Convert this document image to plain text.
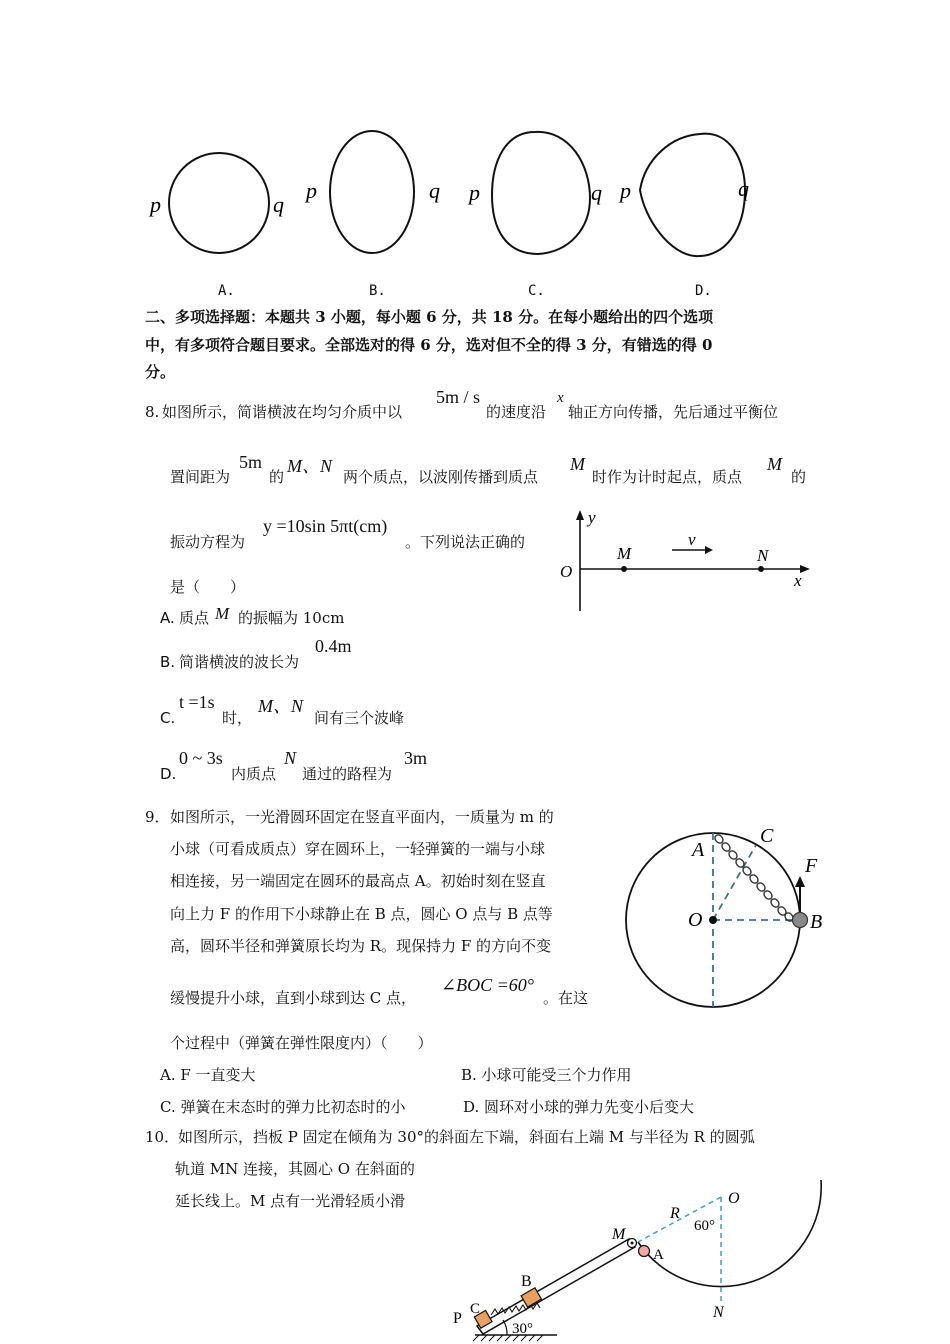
p	q
p	q p	q p	q
A.	B.	C.	D.
二、多项选择题：本题共 3 小题，每小题 6 分，共 18 分。在每小题给出的四个选项
中，有多项符合题目要求。全部选对的得 6 分，选对但不全的得 3 分，有错选的得 0
分。
8. 如图所示，简谐横波在均匀介质中以
5m / s
的速度沿
x
轴正方向传播，先后通过平衡位
置间距为
5m
的
M、N
两个质点，以波刚传播到质点
M
时作为计时起点，质点
M
的
振动方程为
y =10sin 5πt(cm)
。下列说法正确的
是（　　）
y
O
M
v
N
x
A. 质点 M 的振幅为 10cm
B. 简谐横波的波长为
0.4m
C.
t =1s
时，
M、N
间有三个波峰
D.
0 ~ 3s
内质点
N
通过的路程为
3m
9． 如图所示，一光滑圆环固定在竖直平面内，一质量为 m 的
小球（可看成质点）穿在圆环上，一轻弹簧的一端与小球
相连接，另一端固定在圆环的最高点 A。初始时刻在竖直
向上力 F 的作用下小球静止在 B 点，圆心 O 点与 B 点等
高，圆环半径和弹簧原长均为 R。现保持力 F 的方向不变
缓慢提升小球，直到小球到达 C 点，
∠BOC =60°
。在这
个过程中（弹簧在弹性限度内）（　　）
A
C
F
O	B
A. F 一直变大	B. 小球可能受三个力作用
C. 弹簧在末态时的弹力比初态时的小	D. 圆环对小球的弹力先变小后变大
10．
如图所示，挡板 P 固定在倾角为 30°的斜面左下端，斜面右上端 M 与半径为 R 的圆弧
轨道 MN 连接，其圆心 O 在斜面的
延长线上。M 点有一光滑轻质小滑
R
O
60°
M
A
B
P
C	N
30°
